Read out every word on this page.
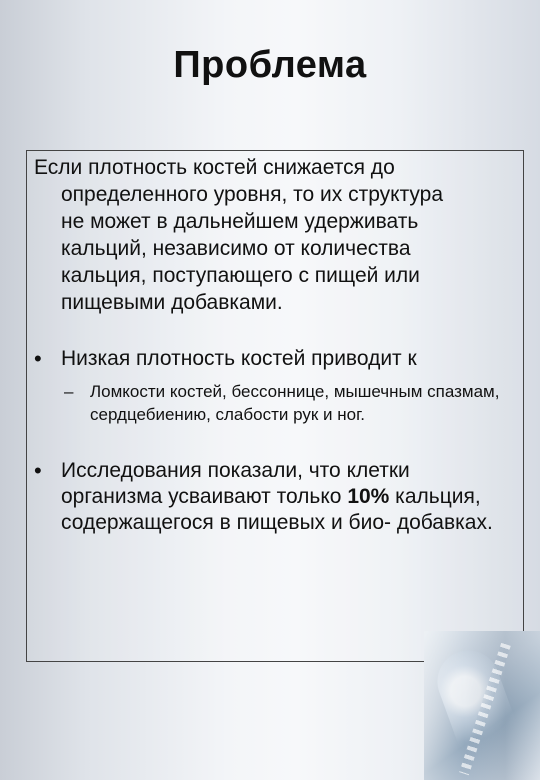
Проблема
Если плотность костей снижается до
определенного уровня, то их структура
не может в дальнейшем удерживать
кальций, независимо от количества
кальция, поступающего с пищей или
пищевыми добавками.
• Низкая плотность костей приводит к
– Ломкости костей, бессоннице, мышечным спазмам, сердцебиению, слабости рук и ног.
• Исследования показали, что клетки организма усваивают только 10% кальция, содержащегося в пищевых и био- добавках.
